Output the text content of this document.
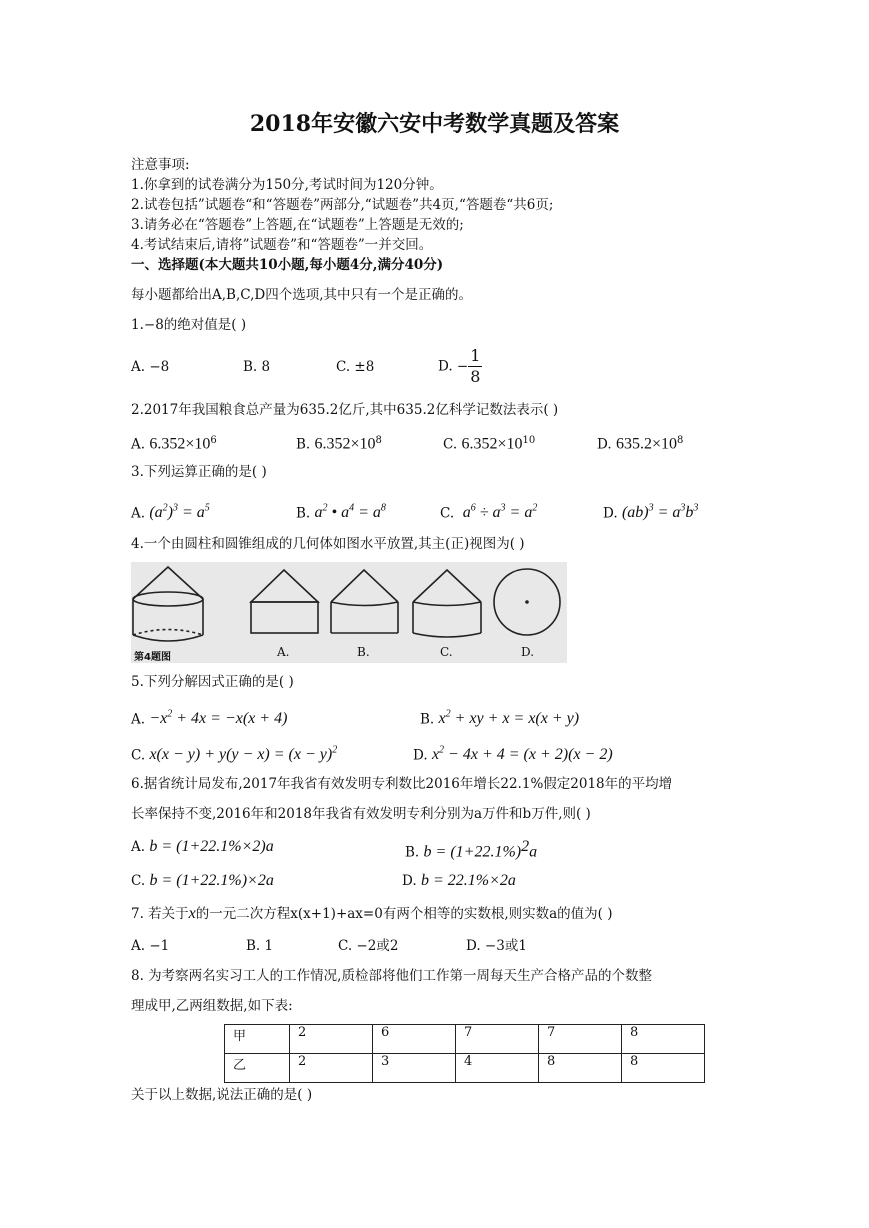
2018年安徽六安中考数学真题及答案
注意事项:
1.你拿到的试卷满分为150分,考试时间为120分钟。
2.试卷包括”试题卷“和“答题卷”两部分,“试题卷”共4页,“答题卷“共6页;
3.请务必在“答题卷”上答题,在“试题卷”上答题是无效的;
4.考试结束后,请将”试题卷”和“答题卷”一并交回。
一、选择题(本大题共10小题,每小题4分,满分40分)
每小题都给出A,B,C,D四个选项,其中只有一个是正确的。
1.−8的绝对值是( )
A. −8	B. 8	C. ±8	D. − $\frac{1}{8}$
2.2017年我国粮食总产量为635.2亿斤,其中635.2亿科学记数法表示( )
A. $6.352\times 10^6$	B. $6.352\times 10^8$	C. $6.352\times 10^{10}$	D. $635.2\times 10^8$
3.下列运算正确的是( )
A. $(a^2)^3 = a^5$	B. $a^2$ • $a^4 = a^8$	C. $a^6 \div a^3 = a^2$	D. $(ab)^3 = a^3b^3$
4.一个由圆柱和圆锥组成的几何体如图水平放置,其主(正)视图为( )
第4题图	A.	B.	C.	D.
5.下列分解因式正确的是( )
A. $-x^2 + 4x = -x(x + 4)$	B. $x^2$ + xy + x = x(x + y)
C. $x(x - y) + y(y - x) = (x - y)^2$	D. $x^2 - 4x + 4 = (x + 2)(x - 2)$
6.据省统计局发布,2017年我省有效发明专利数比2016年增长22.1%假定2018年的平均增
长率保持不变,2016年和2018年我省有效发明专利分别为a万件和b万件,则( )
A. b = (1+22.1%×2)a	B. $b = (1+22.1\%)^2a$
C. b = (1+22.1%)×2a	D. b = 22.1%×2a
7. 若关于x的一元二次方程x(x+1)+ax=0有两个相等的实数根,则实数a的值为( )
A. −1	B. 1	C. −2或2	D. −3或1
8. 为考察两名实习工人的工作情况,质检部将他们工作第一周每天生产合格产品的个数整
理成甲,乙两组数据,如下表:
甲	2	6	7	7	8
乙	2	3	4	8	8
关于以上数据,说法正确的是( )
